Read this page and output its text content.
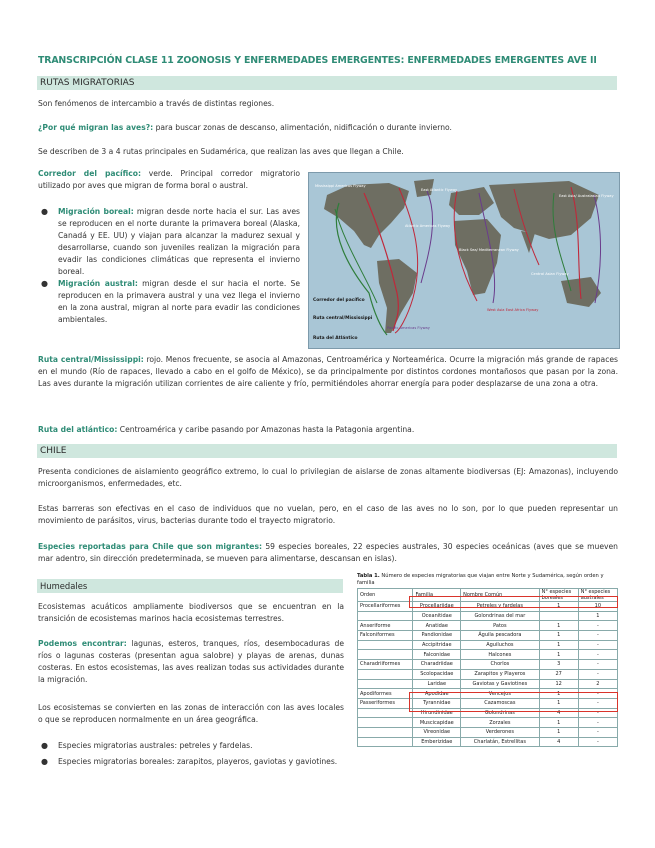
TRANSCRIPCIÓN CLASE 11 ZOONOSIS Y ENFERMEDADES EMERGENTES: ENFERMEDADES EMERGENTES AVE II
RUTAS MIGRATORIAS
Son fenómenos de intercambio a través de distintas regiones.
¿Por qué migran las aves?: para buscar zonas de descanso, alimentación, nidificación o durante invierno.
Se describen de 3 a 4 rutas principales en Sudamérica, que realizan las aves que llegan a Chile.
Corredor del pacífico: verde. Principal corredor migratorio utilizado por aves que migran de forma boral o austral.
● Migración boreal: migran desde norte hacia el sur. Las aves se reproducen en el norte durante la primavera boreal (Alaska, Canadá y EE. UU) y viajan para alcanzar la madurez sexual y desarrollarse, cuando son juveniles realizan la migración para evadir las condiciones climáticas que representa el invierno boreal.
● Migración austral: migran desde el sur hacia el norte. Se reproducen en la primavera austral y una vez llega el invierno en la zona austral, migran al norte para evadir las condiciones ambientales.
Mississippi Americas Flyway
East Atlantic Flyway
Atlantic Americas Flyway
Black Sea/ Mediterranean Flyway
Central Asian Flyway
East Asia/ Australasian Flyway
West Asia East Africa Flyway
Pacific Americas Flyway
Corredor del pacífico
Ruta central/Mississippi
Ruta del Atlántico
Ruta central/Mississippi: rojo. Menos frecuente, se asocia al Amazonas, Centroamérica y Norteamérica. Ocurre la migración más grande de rapaces en el mundo (Río de rapaces, llevado a cabo en el golfo de México), se da principalmente por distintos cordones montañosos que pasan por la zona. Las aves durante la migración utilizan corrientes de aire caliente y frío, permitiéndoles ahorrar energía para poder desplazarse de una zona a otra.
Ruta del atlántico: Centroamérica y caribe pasando por Amazonas hasta la Patagonia argentina.
CHILE
Presenta condiciones de aislamiento geográfico extremo, lo cual lo privilegian de aislarse de zonas altamente biodiversas (EJ: Amazonas), incluyendo microorganismos, enfermedades, etc.
Estas barreras son efectivas en el caso de individuos que no vuelan, pero, en el caso de las aves no lo son, por lo que pueden representar un movimiento de parásitos, virus, bacterias durante todo el trayecto migratorio.
Especies reportadas para Chile que son migrantes: 59 especies boreales, 22 especies australes, 30 especies oceánicas (aves que se mueven mar adentro, sin dirección predeterminada, se mueven para alimentarse, descansan en islas).
Humedales
Ecosistemas acuáticos ampliamente biodiversos que se encuentran en la transición de ecosistemas marinos hacia ecosistemas terrestres.
Podemos encontrar: lagunas, esteros, tranques, ríos, desembocaduras de ríos o lagunas costeras (presentan agua salobre) y playas de arenas, dunas costeras. En estos ecosistemas, las aves realizan todas sus actividades durante la migración.
Los ecosistemas se convierten en las zonas de interacción con las aves locales o que se reproducen normalmente en un área geográfica.
● Especies migratorias australes: petreles y fardelas.
● Especies migratorias boreales: zarapitos, playeros, gaviotas y gaviotines.
Tabla 1. Número de especies migratorias que viajan entre Norte y Sudamérica, según orden y familia
Orden	Familia	Nombre Común	N° especies boreales	N° especies australes
Procellariformes	Procellariidae	Petreles y fardelas	1	10
	Oceanitidae	Golondrinas del mar		1
Anseriforme	Anatidae	Patos	1	-
Falconiformes	Pandionidae	Águila pescadora	1	-
	Accipitridae	Aguiluchos	1	-
	Falconidae	Halcones	1	-
Charadriiformes	Charadriidae	Chorlos	3	-
	Scolopacidae	Zarapitos y Playeros	27	-
	Laridae	Gaviotas y Gaviotines	12	2
Apodiformes	Apodidae	Vencejos	1	-
Passeriformes	Tyrannidae	Cazamoscas	1	-
	Hirundinidae	Golondrinas	4	-
	Muscicapidae	Zorzales	1	-
	Vireonidae	Verderones	1	-
	Emberizidae	Charlatán, Estrellitas	4	-
